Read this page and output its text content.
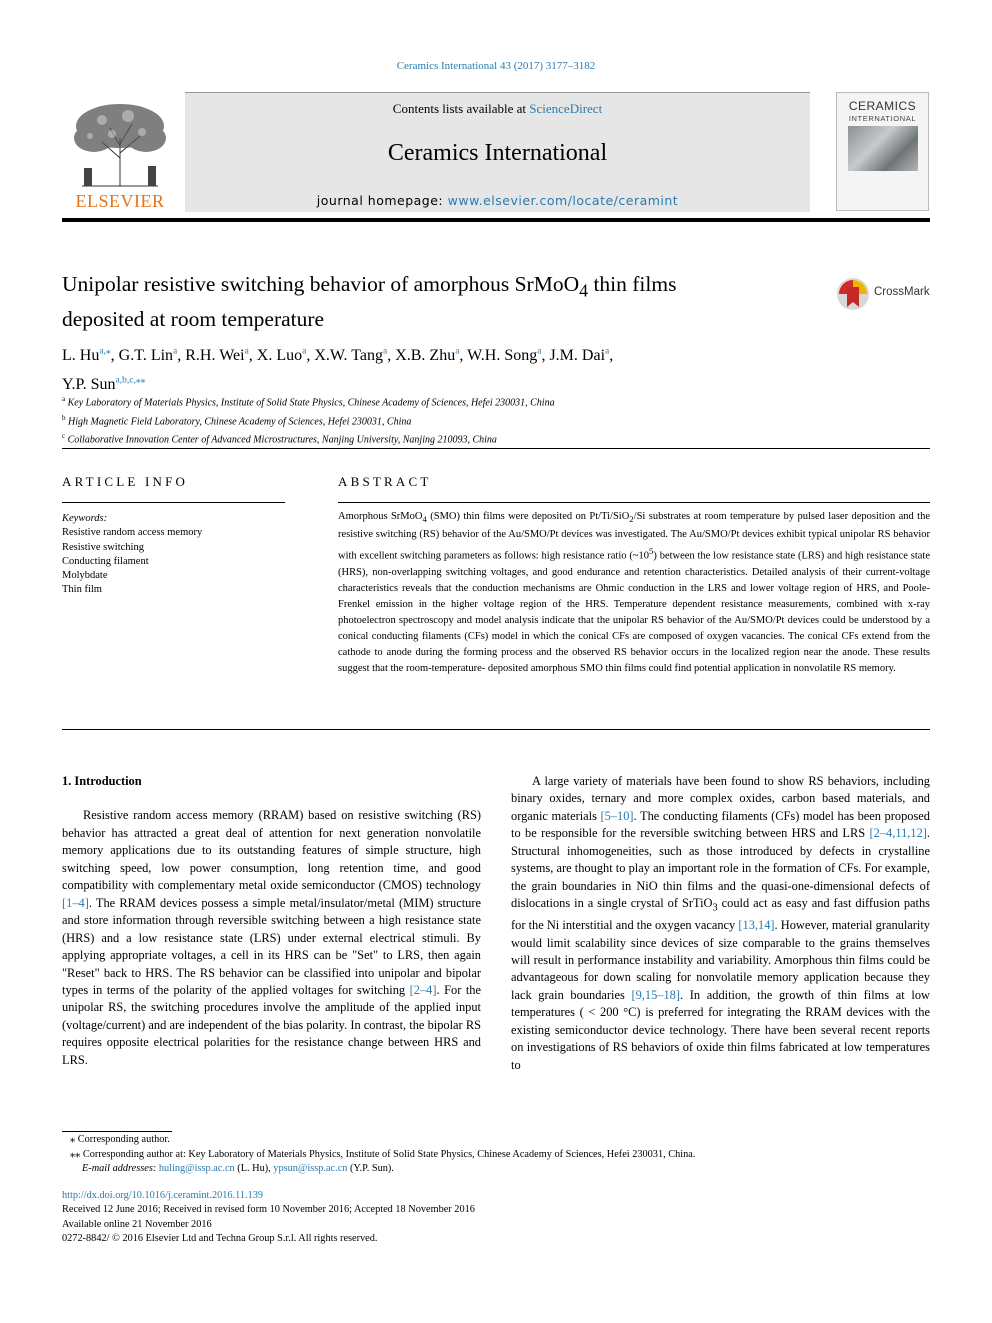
Ceramics International 43 (2017) 3177–3182
Contents lists available at ScienceDirect
Ceramics International
journal homepage: www.elsevier.com/locate/ceramint
ELSEVIER
CERAMICS
INTERNATIONAL
Unipolar resistive switching behavior of amorphous SrMoO$_4$ thin films
deposited at room temperature
CrossMark
L. $Hu^{a,⁎}$, G.T. Lin$^a$, R.H. Wei$^a$, X. Luo$^a$, X.W. Tang$^a$, X.B. Zhu$^a$, W.H. Song$^a$, J.M. Dai$^a$,
Y.P. Sun$^{a,b,c,⁎⁎}$
$^a$ Key Laboratory of Materials Physics, Institute of Solid State Physics, Chinese Academy of Sciences, Hefei 230031, China
$^b$ High Magnetic Field Laboratory, Chinese Academy of Sciences, Hefei 230031, China
$^c$ Collaborative Innovation Center of Advanced Microstructures, Nanjing University, Nanjing 210093, China
ARTICLE INFO
Keywords:
Resistive random access memory
Resistive switching
Conducting filament
Molybdate
Thin film
ABSTRACT
Amorphous SrMoO$_4$ (SMO) thin films were deposited on Pt/Ti/SiO$_2$/Si substrates at room temperature by pulsed laser deposition and the resistive switching (RS) behavior of the Au/SMO/Pt devices was investigated. The Au/SMO/Pt devices exhibit typical unipolar RS behavior with excellent switching parameters as follows: high resistance ratio $(\sim 10^5)$ between the low resistance state (LRS) and high resistance state (HRS), non-overlapping switching voltages, and good endurance and retention characteristics. Detailed analysis of their current-voltage characteristics reveals that the conduction mechanisms are Ohmic conduction in the LRS and lower voltage region of HRS, and Poole-Frenkel emission in the higher voltage region of the HRS. Temperature dependent resistance measurements, combined with x-ray photoelectron spectroscopy and model analysis indicate that the unipolar RS behavior of the Au/SMO/Pt devices could be understood by a conical conducting filaments (CFs) model in which the conical CFs are composed of oxygen vacancies. The conical CFs extend from the cathode to anode during the forming process and the observed RS behavior occurs in the localized region near the anode. These results suggest that the room-temperature- deposited amorphous SMO thin films could find potential application in nonvolatile RS memory.
1. Introduction

Resistive random access memory (RRAM) based on resistive switching (RS) behavior has attracted a great deal of attention for next generation nonvolatile memory applications due to its outstanding features of simple structure, high switching speed, low power consumption, long retention time, and good compatibility with complementary metal oxide semiconductor (CMOS) technology [1–4]. The RRAM devices possess a simple metal/insulator/metal (MIM) structure and store information through reversible switching between a high resistance state (HRS) and a low resistance state (LRS) under external electrical stimuli. By applying appropriate voltages, a cell in its HRS can be "Set" to LRS, then again "Reset" back to HRS. The RS behavior can be classified into unipolar and bipolar types in terms of the polarity of the applied voltages for switching [2–4]. For the unipolar RS, the switching procedures involve the amplitude of the applied input (voltage/current) and are independent of the bias polarity. In contrast, the bipolar RS requires opposite electrical polarities for the resistance change between HRS and LRS.

A large variety of materials have been found to show RS behaviors, including binary oxides, ternary and more complex oxides, carbon based materials, and organic materials [5–10]. The conducting filaments (CFs) model has been proposed to be responsible for the reversible switching between HRS and LRS [2–4,11,12]. Structural inhomogeneities, such as those introduced by defects in crystalline systems, are thought to play an important role in the formation of CFs. For example, the grain boundaries in NiO thin films and the quasi-one-dimensional defects of dislocations in a single crystal of SrTiO$_3$ could act as easy and fast diffusion paths for the Ni interstitial and the oxygen vacancy [13,14]. However, material granularity would limit scalability since devices of size comparable to the grains themselves will result in performance instability and variability. Amorphous thin films could be advantageous for down scaling for nonvolatile memory application because they lack grain boundaries [9,15–18]. In addition, the growth of thin films at low temperatures ( < 200 °C) is preferred for integrating the RRAM devices with the existing semiconductor device technology. There have been several recent reports on investigations of RS behaviors of oxide thin films fabricated at low temperatures to

⁎ Corresponding author.
⁎⁎ Corresponding author at: Key Laboratory of Materials Physics, Institute of Solid State Physics, Chinese Academy of Sciences, Hefei 230031, China.
E-mail addresses: huling@issp.ac.cn (L. Hu), ypsun@issp.ac.cn (Y.P. Sun).
http://dx.doi.org/10.1016/j.ceramint.2016.11.139
Received 12 June 2016; Received in revised form 10 November 2016; Accepted 18 November 2016
Available online 21 November 2016
0272-8842/ © 2016 Elsevier Ltd and Techna Group S.r.l. All rights reserved.
